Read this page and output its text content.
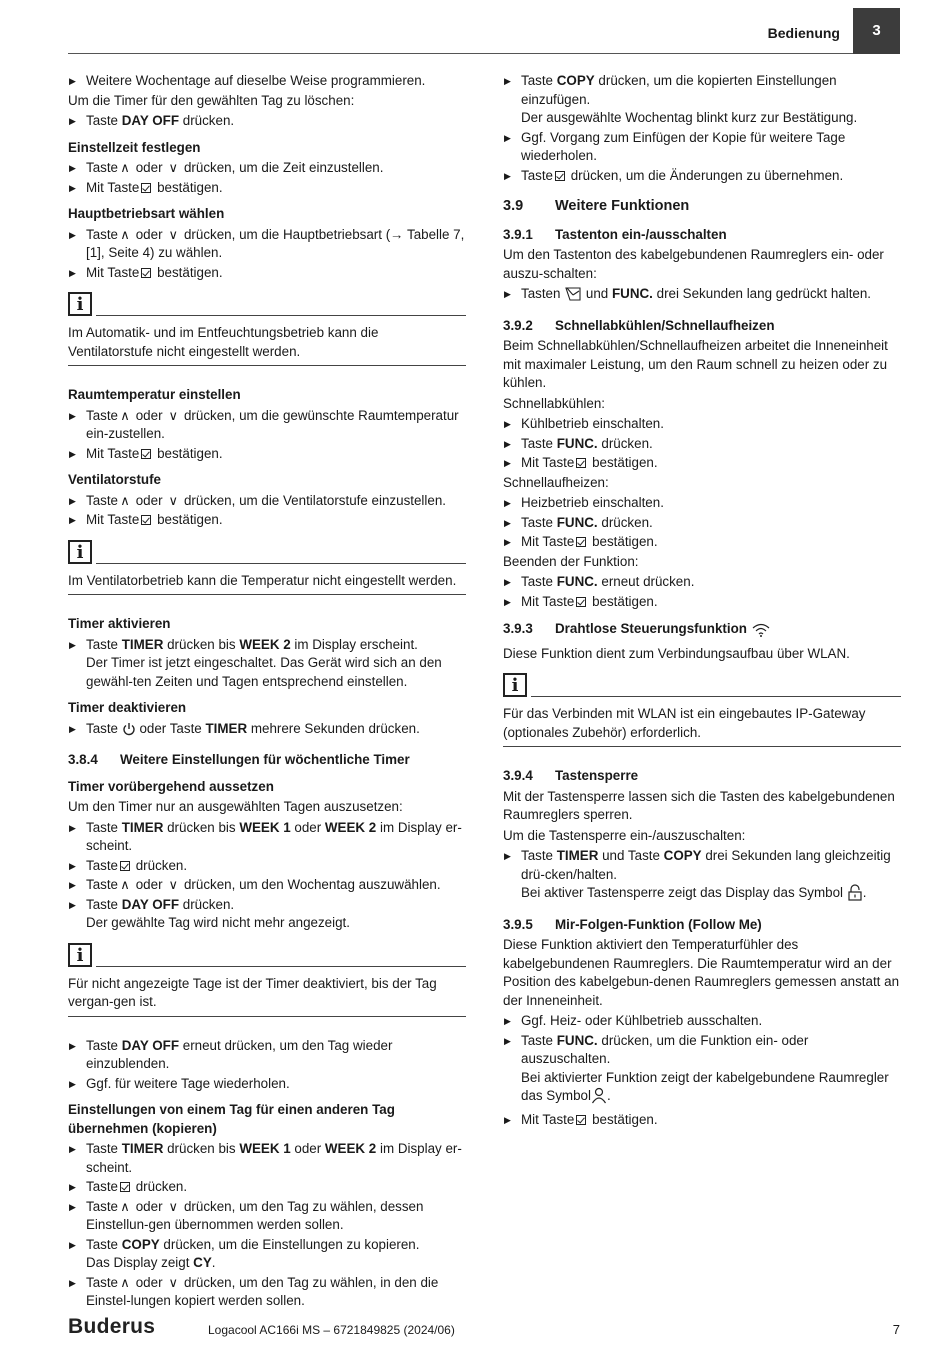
Bedienung	3
▶ Weitere Wochentage auf dieselbe Weise programmieren.

Um die Timer für den gewählten Tag zu löschen:

▶ Taste DAY OFF drücken.

Einstellzeit festlegen

▶ Taste ∧ oder ∨ drücken, um die Zeit einzustellen.
▶ Mit Taste bestätigen.

Hauptbetriebsart wählen

▶ Taste ∧ oder ∨ drücken, um die Hauptbetriebsart (→ Tabelle 7, [1], Seite 4) zu wählen.
▶ Mit Taste bestätigen.
i
Im Automatik- und im Entfeuchtungsbetrieb kann die Ventilatorstufe nicht eingestellt werden.

Raumtemperatur einstellen

▶ Taste ∧ oder ∨ drücken, um die gewünschte Raumtemperatur ein-zustellen.
▶ Mit Taste bestätigen.

Ventilatorstufe

▶ Taste ∧ oder ∨ drücken, um die Ventilatorstufe einzustellen.
▶ Mit Taste bestätigen.
i
Im Ventilatorbetrieb kann die Temperatur nicht eingestellt werden.

Timer aktivieren

▶ Taste TIMER drücken bis WEEK 2 im Display erscheint.
Der Timer ist jetzt eingeschaltet. Das Gerät wird sich an den gewähl-ten Zeiten und Tagen entsprechend einstellen.

Timer deaktivieren

▶ Taste  oder Taste TIMER mehrere Sekunden drücken.

3.8.4 Weitere Einstellungen für wöchentliche Timer

Timer vorübergehend aussetzen

Um den Timer nur an ausgewählten Tagen auszusetzen:

▶ Taste TIMER drücken bis WEEK 1 oder WEEK 2 im Display er-scheint.
▶ Taste drücken.
▶ Taste ∧ oder ∨ drücken, um den Wochentag auszuwählen.
▶ Taste DAY OFF drücken.
Der gewählte Tag wird nicht mehr angezeigt.
i
Für nicht angezeigte Tage ist der Timer deaktiviert, bis der Tag vergan-gen ist.
▶ Taste DAY OFF erneut drücken, um den Tag wieder einzublenden.
▶ Ggf. für weitere Tage wiederholen.

Einstellungen von einem Tag für einen anderen Tag übernehmen (kopieren)

▶ Taste TIMER drücken bis WEEK 1 oder WEEK 2 im Display er-scheint.
▶ Taste drücken.
▶ Taste ∧ oder ∨ drücken, um den Tag zu wählen, dessen Einstellun-gen übernommen werden sollen.
▶ Taste COPY drücken, um die Einstellungen zu kopieren.
Das Display zeigt CY.
▶ Taste ∧ oder ∨ drücken, um den Tag zu wählen, in den die Einstel-lungen kopiert werden sollen.
▶ Taste COPY drücken, um die kopierten Einstellungen einzufügen.
Der ausgewählte Wochentag blinkt kurz zur Bestätigung.
▶ Ggf. Vorgang zum Einfügen der Kopie für weitere Tage wiederholen.
▶ Taste drücken, um die Änderungen zu übernehmen.

3.9 Weitere Funktionen

3.9.1 Tastenton ein-/ausschalten

Um den Tastenton des kabelgebundenen Raumreglers ein- oder auszu-schalten:

▶ Tasten  und FUNC. drei Sekunden lang gedrückt halten.

3.9.2 Schnellabkühlen/Schnellaufheizen

Beim Schnellabkühlen/Schnellaufheizen arbeitet die Inneneinheit mit maximaler Leistung, um den Raum schnell zu heizen oder zu kühlen.

Schnellabkühlen:

▶ Kühlbetrieb einschalten.
▶ Taste FUNC. drücken.
▶ Mit Taste bestätigen.

Schnellaufheizen:

▶ Heizbetrieb einschalten.
▶ Taste FUNC. drücken.
▶ Mit Taste bestätigen.

Beenden der Funktion:

▶ Taste FUNC. erneut drücken.
▶ Mit Taste bestätigen.

3.9.3 Drahtlose Steuerungsfunktion

Diese Funktion dient zum Verbindungsaufbau über WLAN.

i
Für das Verbinden mit WLAN ist ein eingebautes IP-Gateway (optionales Zubehör) erforderlich.

3.9.4 Tastensperre

Mit der Tastensperre lassen sich die Tasten des kabelgebundenen Raumreglers sperren.

Um die Tastensperre ein-/auszuschalten:

▶ Taste TIMER und Taste COPY drei Sekunden lang gleichzeitig drü-cken/halten.
Bei aktiver Tastensperre zeigt das Display das Symbol .

3.9.5 Mir-Folgen-Funktion (Follow Me)

Diese Funktion aktiviert den Temperaturfühler des kabelgebundenen Raumreglers. Die Raumtemperatur wird an der Position des kabelgebun-denen Raumreglers gemessen anstatt an der Inneneinheit.

▶ Ggf. Heiz- oder Kühlbetrieb ausschalten.
▶ Taste FUNC. drücken, um die Funktion ein- oder auszuschalten.
Bei aktivierter Funktion zeigt der kabelgebundene Raumregler das Symbol .
▶ Mit Taste bestätigen.
Buderus	Logacool AC166i MS – 6721849825 (2024/06)	7
